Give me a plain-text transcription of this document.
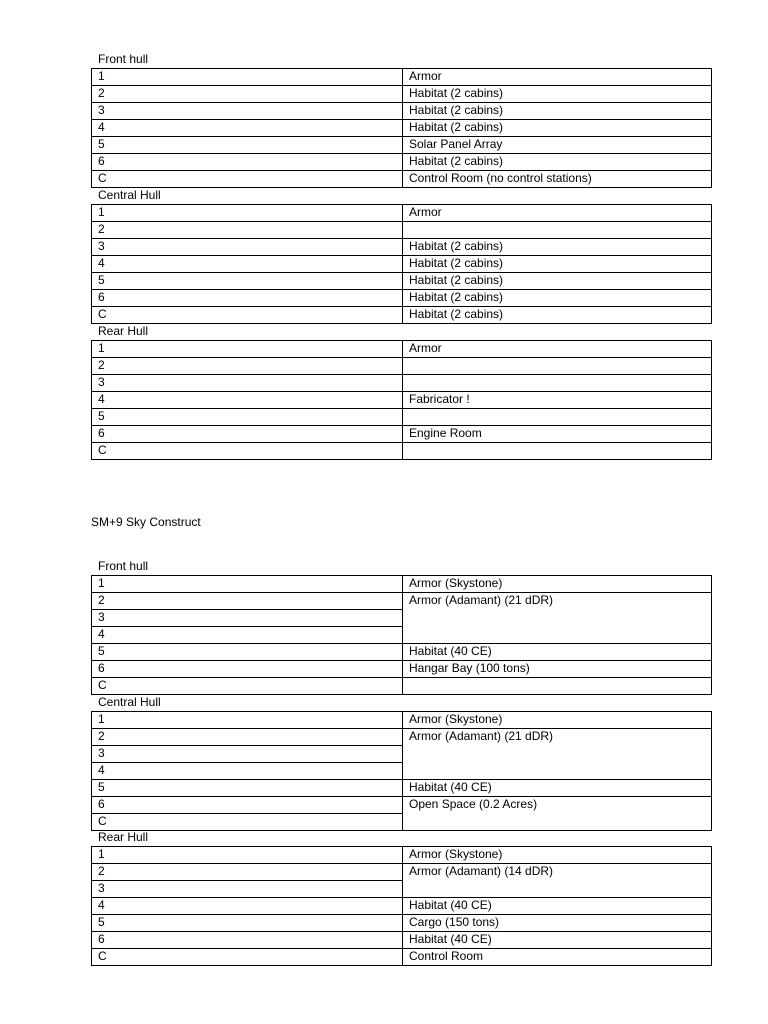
Front hull
1	Armor
2	Habitat (2 cabins)
3	Habitat (2 cabins)
4	Habitat (2 cabins)
5	Solar Panel Array
6	Habitat (2 cabins)
C	Control Room (no control stations)
Central Hull
1	Armor
2	
3	Habitat (2 cabins)
4	Habitat (2 cabins)
5	Habitat (2 cabins)
6	Habitat (2 cabins)
C	Habitat (2 cabins)
Rear Hull
1	Armor
2	
3	
4	Fabricator !
5	
6	Engine Room
C	
SM+9 Sky Construct
Front hull
1	Armor (Skystone)
2	Armor (Adamant) (21 dDR)
3	
4	
5	Habitat (40 CE)
6	Hangar Bay (100 tons)
C	
Central Hull
1	Armor (Skystone)
2	Armor (Adamant) (21 dDR)
3	
4	
5	Habitat (40 CE)
6	Open Space (0.2 Acres)
C	
Rear Hull
1	Armor (Skystone)
2	Armor (Adamant) (14 dDR)
3	
4	Habitat (40 CE)
5	Cargo (150 tons)
6	Habitat (40 CE)
C	Control Room
